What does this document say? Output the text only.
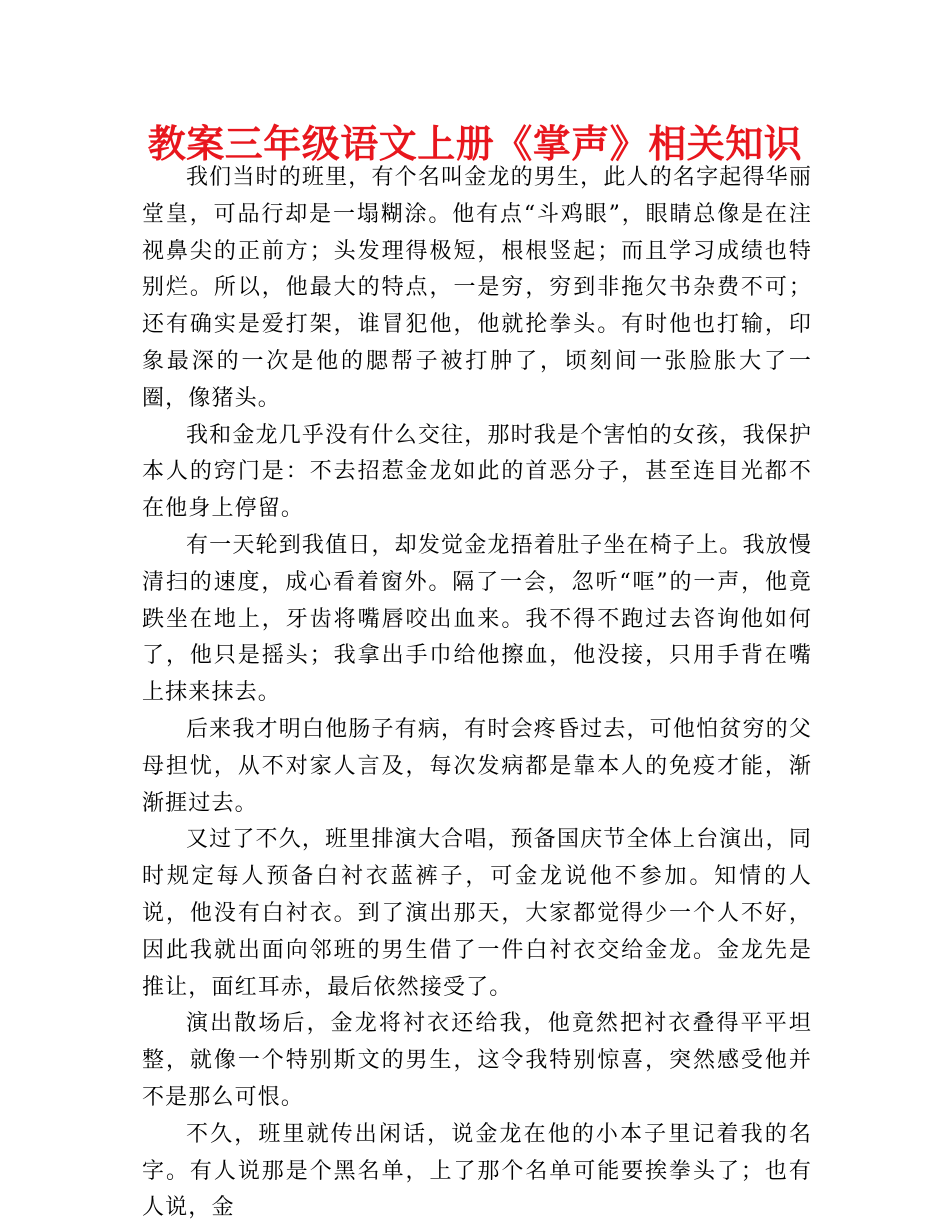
教案三年级语文上册《掌声》相关知识

我们当时的班里，有个名叫金龙的男生，此人的名字起得华丽堂皇，可品行却是一塌糊涂。他有点“斗鸡眼”，眼睛总像是在注视鼻尖的正前方；头发理得极短，根根竖起；而且学习成绩也特别烂。所以，他最大的特点，一是穷，穷到非拖欠书杂费不可；还有确实是爱打架，谁冒犯他，他就抡拳头。有时他也打输，印象最深的一次是他的腮帮子被打肿了，顷刻间一张脸胀大了一圈，像猪头。

我和金龙几乎没有什么交往，那时我是个害怕的女孩，我保护本人的窍门是：不去招惹金龙如此的首恶分子，甚至连目光都不在他身上停留。

有一天轮到我值日，却发觉金龙捂着肚子坐在椅子上。我放慢清扫的速度，成心看着窗外。隔了一会，忽听“哐”的一声，他竟跌坐在地上，牙齿将嘴唇咬出血来。我不得不跑过去咨询他如何了，他只是摇头；我拿出手巾给他擦血，他没接，只用手背在嘴上抹来抹去。

后来我才明白他肠子有病，有时会疼昏过去，可他怕贫穷的父母担忧，从不对家人言及，每次发病都是靠本人的免疫才能，渐渐捱过去。

又过了不久，班里排演大合唱，预备国庆节全体上台演出，同时规定每人预备白衬衣蓝裤子，可金龙说他不参加。知情的人说，他没有白衬衣。到了演出那天，大家都觉得少一个人不好，因此我就出面向邻班的男生借了一件白衬衣交给金龙。金龙先是推让，面红耳赤，最后依然接受了。

演出散场后，金龙将衬衣还给我，他竟然把衬衣叠得平平坦整，就像一个特别斯文的男生，这令我特别惊喜，突然感受他并不是那么可恨。

不久，班里就传出闲话，说金龙在他的小本子里记着我的名字。有人说那是个黑名单，上了那个名单可能要挨拳头了；也有人说，金
